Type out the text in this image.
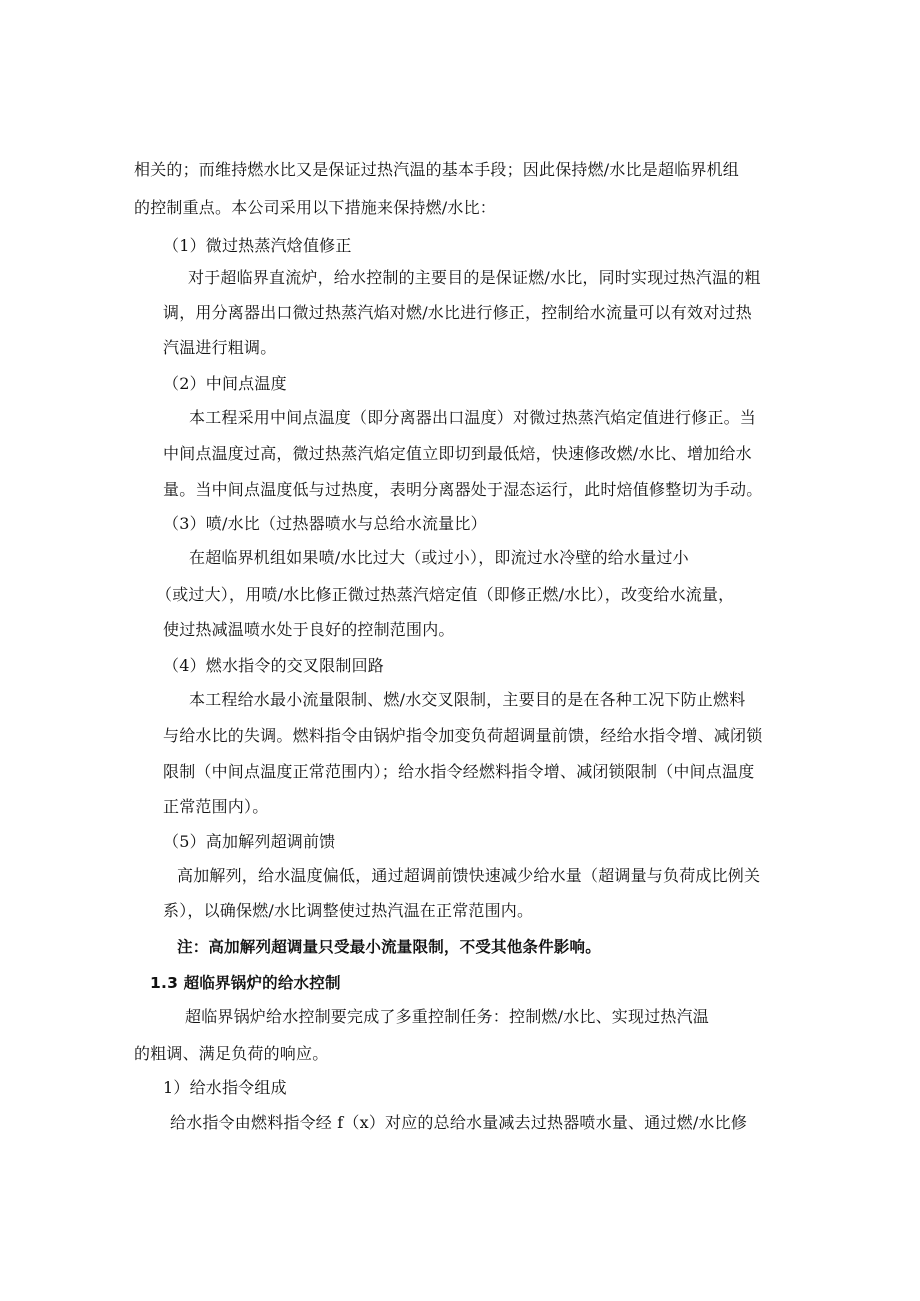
相关的；而维持燃水比又是保证过热汽温的基本手段；因此保持燃/水比是超临界机组
的控制重点。本公司采用以下措施来保持燃/水比：
（1）微过热蒸汽焓值修正
对于超临界直流炉，给水控制的主要目的是保证燃/水比，同时实现过热汽温的粗
调，用分离器出口微过热蒸汽焰对燃/水比进行修正，控制给水流量可以有效对过热
汽温进行粗调。
（2）中间点温度
本工程采用中间点温度（即分离器出口温度）对微过热蒸汽焰定值进行修正。当
中间点温度过高，微过热蒸汽焰定值立即切到最低焙，快速修改燃/水比、增加给水
量。当中间点温度低与过热度，表明分离器处于湿态运行，此时焙值修整切为手动。
（3）喷/水比（过热器喷水与总给水流量比）
在超临界机组如果喷/水比过大（或过小），即流过水冷壁的给水量过小
（或过大），用喷/水比修正微过热蒸汽焙定值（即修正燃/水比），改变给水流量，
使过热减温喷水处于良好的控制范围内。
（4）燃水指令的交叉限制回路
本工程给水最小流量限制、燃/水交叉限制，主要目的是在各种工况下防止燃料
与给水比的失调。燃料指令由锅炉指令加变负荷超调量前馈，经给水指令增、减闭锁
限制（中间点温度正常范围内）；给水指令经燃料指令增、减闭锁限制（中间点温度
正常范围内）。
（5）高加解列超调前馈
高加解列，给水温度偏低，通过超调前馈快速减少给水量（超调量与负荷成比例关
系），以确保燃/水比调整使过热汽温在正常范围内。
注：高加解列超调量只受最小流量限制，不受其他条件影响。
1.3 超临界锅炉的给水控制
超临界锅炉给水控制要完成了多重控制任务：控制燃/水比、实现过热汽温
的粗调、满足负荷的响应。
1）给水指令组成
给水指令由燃料指令经 f（x）对应的总给水量减去过热器喷水量、通过燃/水比修
